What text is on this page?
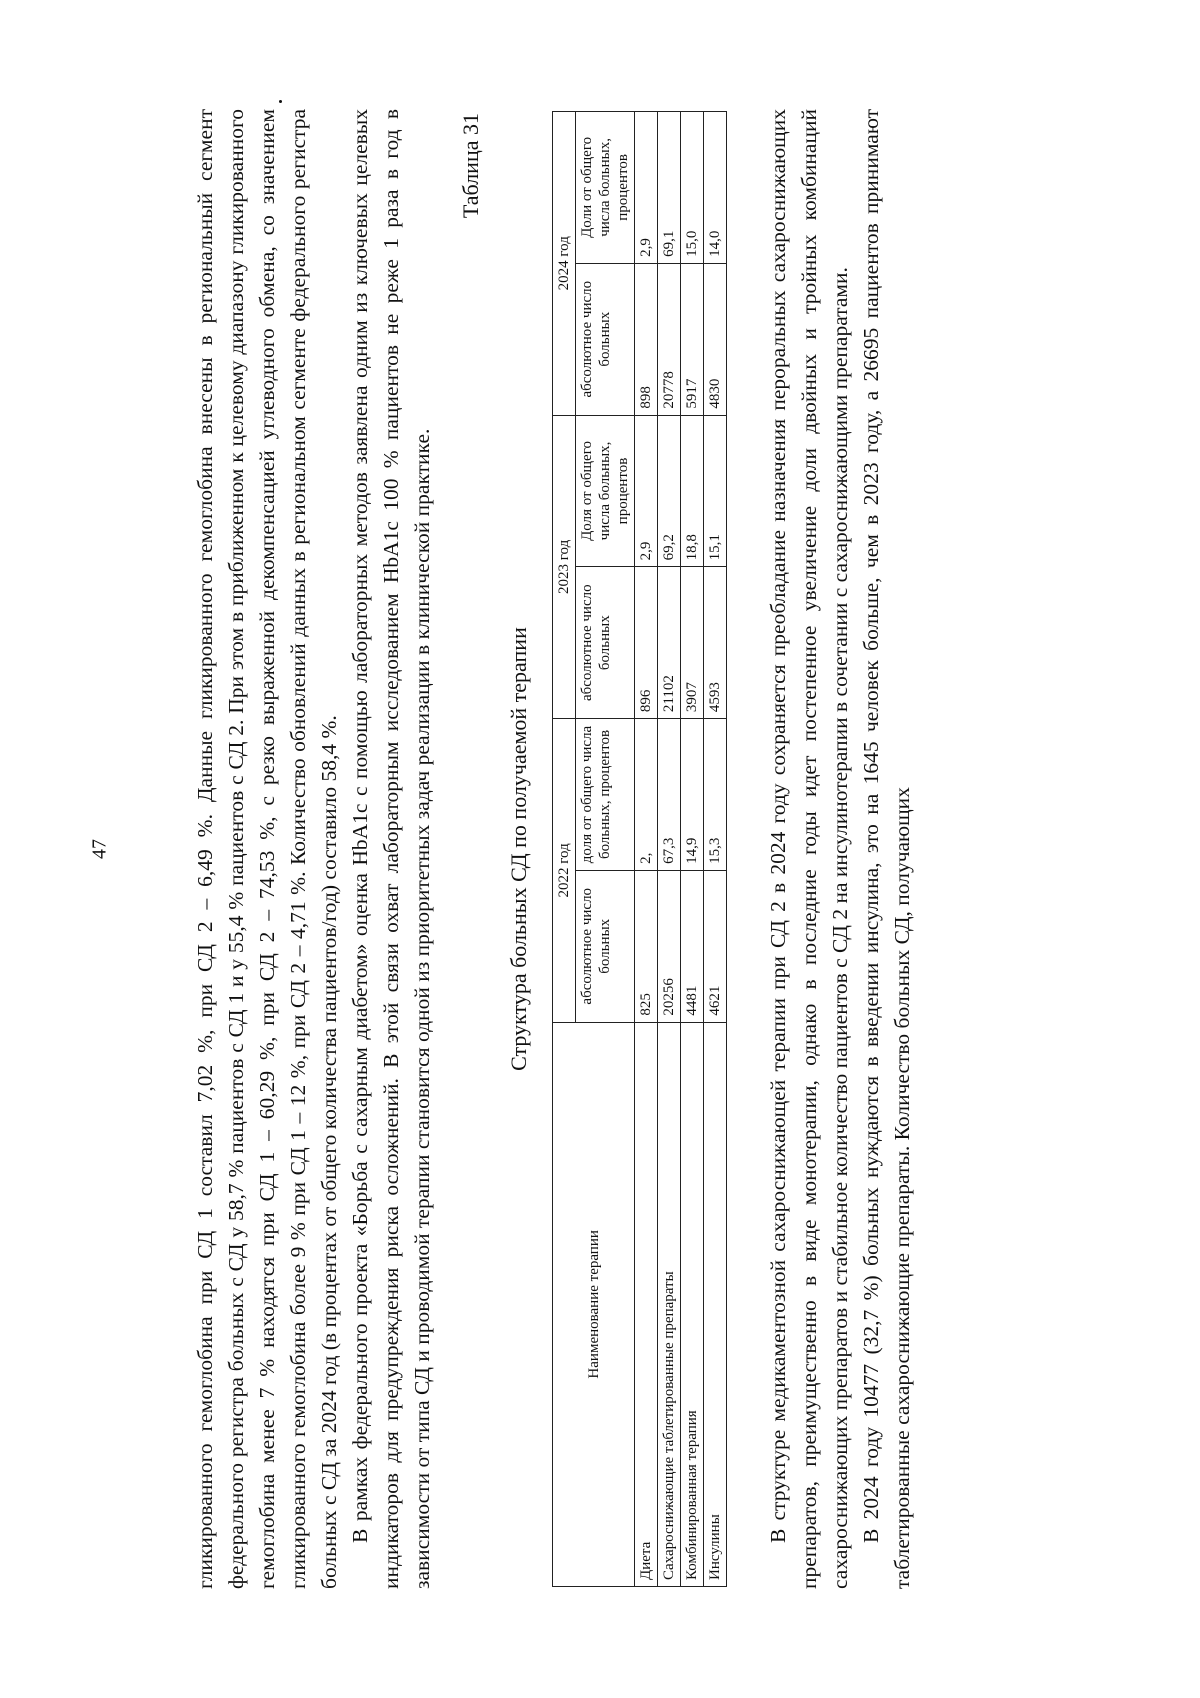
47	гликированного гемоглобина при СД 1 составил 7,02 %, при СД 2 – 6,49 %. Данные гликированного гемоглобина внесены в региональный сегмент федерального регистра больных с СД у 58,7 % пациентов с СД 1 и у 55,4 % пациентов с СД 2. При этом в приближенном к целевому диапазону гликированного гемоглобина менее 7 % находятся при СД 1 – 60,29 %, при СД 2 – 74,53 %, с резко выраженной декомпенсацией углеводного обмена, со значением гликированного гемоглобина более 9 % при СД 1 – 12 %, при СД 2 – 4,71 %. Количество обновлений данных в региональном сегменте федерального регистра больных с СД за 2024 год (в процентах от общего количества пациентов/год) составило 58,4 %. В рамках федерального проекта «Борьба с сахарным диабетом» оценка HbA1c с помощью лабораторных методов заявлена одним из ключевых целевых индикаторов для предупреждения риска осложнений. В этой связи охват лабораторным исследованием HbA1c 100 % пациентов не реже 1 раза в год в зависимости от типа СД и проводимой терапии становится одной из приоритетных задач реализации в клинической практике.

Таблица 31

Структура больных СД по получаемой терапии

Наименование терапии	2022 год		2023 год		2024 год	
	абсолютное число больных	доля от общего числа больных, процентов	абсолютное число больных	Доля от общего числа больных, процентов	абсолютное число больных	Доли от общего числа больных, процентов
Диета	825	2,	896	2,9	898	2,9
Сахароснижающие таблетированные препараты	20256	67,3	21102	69,2	20778	69,1
Комбинированная терапия	4481	14,9	3907	18,8	5917	15,0
Инсулины	4621	15,3	4593	15,1	4830	14,0 В структуре медикаментозной сахароснижающей терапии при СД 2 в 2024 году сохраняется преобладание назначения пероральных сахароснижающих препаратов, преимущественно в виде монотерапии, однако в последние годы идет постепенное увеличение доли двойных и тройных комбинаций сахароснижающих препаратов и стабильное количество пациентов с СД 2 на инсулинотерапии в сочетании с сахароснижающими препаратами. В 2024 году 10477 (32,7 %) больных нуждаются в введении инсулина, это на 1645 человек больше, чем в 2023 году, а 26695 пациентов принимают таблетированные сахароснижающие препараты. Количество больных СД, получающих
